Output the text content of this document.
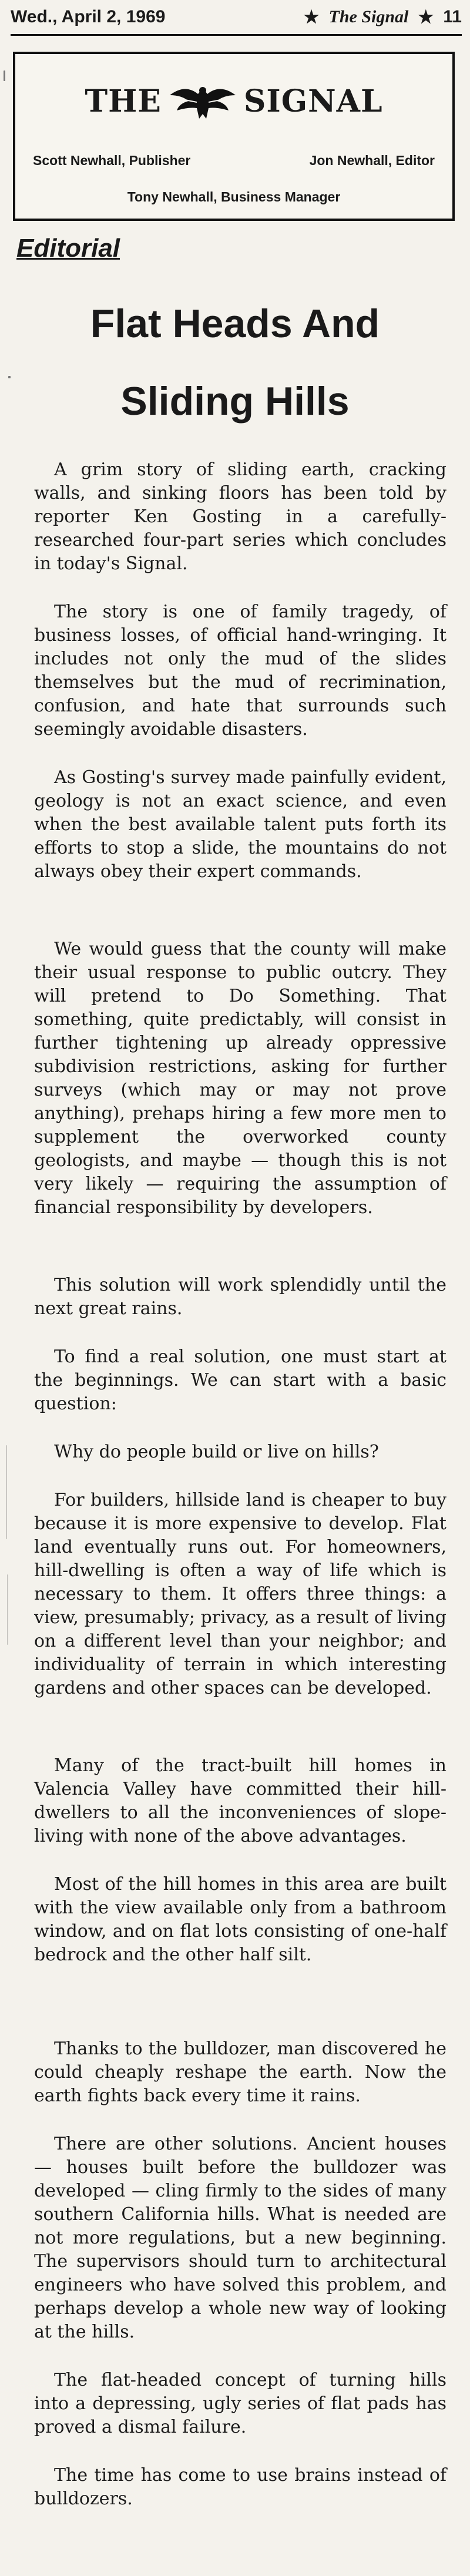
Wed., April 2, 1969	★ The Signal ★ 11
THE	SIGNAL
Scott Newhall, Publisher	Jon Newhall, Editor
Tony Newhall, Business Manager
Editorial
Flat Heads And
Sliding Hills

A grim story of sliding earth, cracking walls, and sinking floors has been told by reporter Ken Gosting in a carefully-researched four-part series which concludes in today's Signal.

The story is one of family tragedy, of business losses, of official hand-wringing. It includes not only the mud of the slides themselves but the mud of recrimination, confusion, and hate that surrounds such seemingly avoidable disasters.

As Gosting's survey made painfully evident, geology is not an exact science, and even when the best available talent puts forth its efforts to stop a slide, the mountains do not always obey their expert commands.

We would guess that the county will make their usual response to public outcry. They will pretend to Do Something. That something, quite predictably, will consist in further tightening up already oppressive subdivision restrictions, asking for further surveys (which may or may not prove anything), prehaps hiring a few more men to supplement the overworked county geologists, and maybe — though this is not very likely — requiring the assumption of financial responsibility by developers.

This solution will work splendidly until the next great rains.

To find a real solution, one must start at the beginnings. We can start with a basic question:

Why do people build or live on hills?

For builders, hillside land is cheaper to buy because it is more expensive to develop. Flat land eventually runs out. For homeowners, hill-dwelling is often a way of life which is necessary to them. It offers three things: a view, presumably; privacy, as a result of living on a different level than your neighbor; and individuality of terrain in which interesting gardens and other spaces can be developed.

Many of the tract-built hill homes in Valencia Valley have committed their hill-dwellers to all the inconveniences of slope-living with none of the above advantages.

Most of the hill homes in this area are built with the view available only from a bathroom window, and on flat lots consisting of one-half bedrock and the other half silt.

Thanks to the bulldozer, man discovered he could cheaply reshape the earth. Now the earth fights back every time it rains.

There are other solutions. Ancient houses — houses built before the bulldozer was developed — cling firmly to the sides of many southern California hills. What is needed are not more regulations, but a new beginning. The supervisors should turn to architectural engineers who have solved this problem, and perhaps develop a whole new way of looking at the hills.

The flat-headed concept of turning hills into a depressing, ugly series of flat pads has proved a dismal failure.

The time has come to use brains instead of bulldozers.
